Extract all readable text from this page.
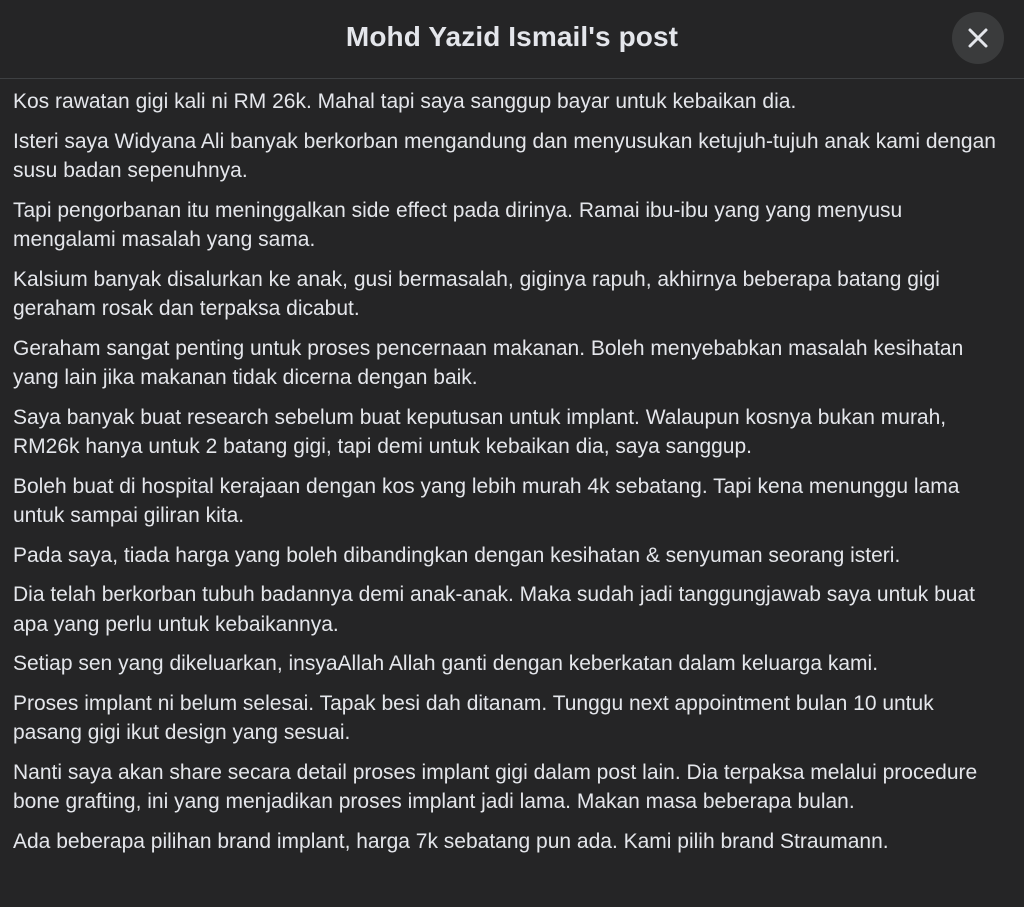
Mohd Yazid Ismail's post

Kos rawatan gigi kali ni RM 26k. Mahal tapi saya sanggup bayar untuk kebaikan dia.

Isteri saya Widyana Ali banyak berkorban mengandung dan menyusukan ketujuh-tujuh anak kami dengan susu badan sepenuhnya.

Tapi pengorbanan itu meninggalkan side effect pada dirinya. Ramai ibu-ibu yang yang menyusu mengalami masalah yang sama.

Kalsium banyak disalurkan ke anak, gusi bermasalah, giginya rapuh, akhirnya beberapa batang gigi geraham rosak dan terpaksa dicabut.

Geraham sangat penting untuk proses pencernaan makanan. Boleh menyebabkan masalah kesihatan yang lain jika makanan tidak dicerna dengan baik.

Saya banyak buat research sebelum buat keputusan untuk implant. Walaupun kosnya bukan murah, RM26k hanya untuk 2 batang gigi, tapi demi untuk kebaikan dia, saya sanggup.

Boleh buat di hospital kerajaan dengan kos yang lebih murah 4k sebatang. Tapi kena menunggu lama untuk sampai giliran kita.

Pada saya, tiada harga yang boleh dibandingkan dengan kesihatan & senyuman seorang isteri.

Dia telah berkorban tubuh badannya demi anak-anak. Maka sudah jadi tanggungjawab saya untuk buat apa yang perlu untuk kebaikannya.

Setiap sen yang dikeluarkan, insyaAllah Allah ganti dengan keberkatan dalam keluarga kami.

Proses implant ni belum selesai. Tapak besi dah ditanam. Tunggu next appointment bulan 10 untuk pasang gigi ikut design yang sesuai.

Nanti saya akan share secara detail proses implant gigi dalam post lain. Dia terpaksa melalui procedure bone grafting, ini yang menjadikan proses implant jadi lama. Makan masa beberapa bulan.

Ada beberapa pilihan brand implant, harga 7k sebatang pun ada. Kami pilih brand Straumann.
